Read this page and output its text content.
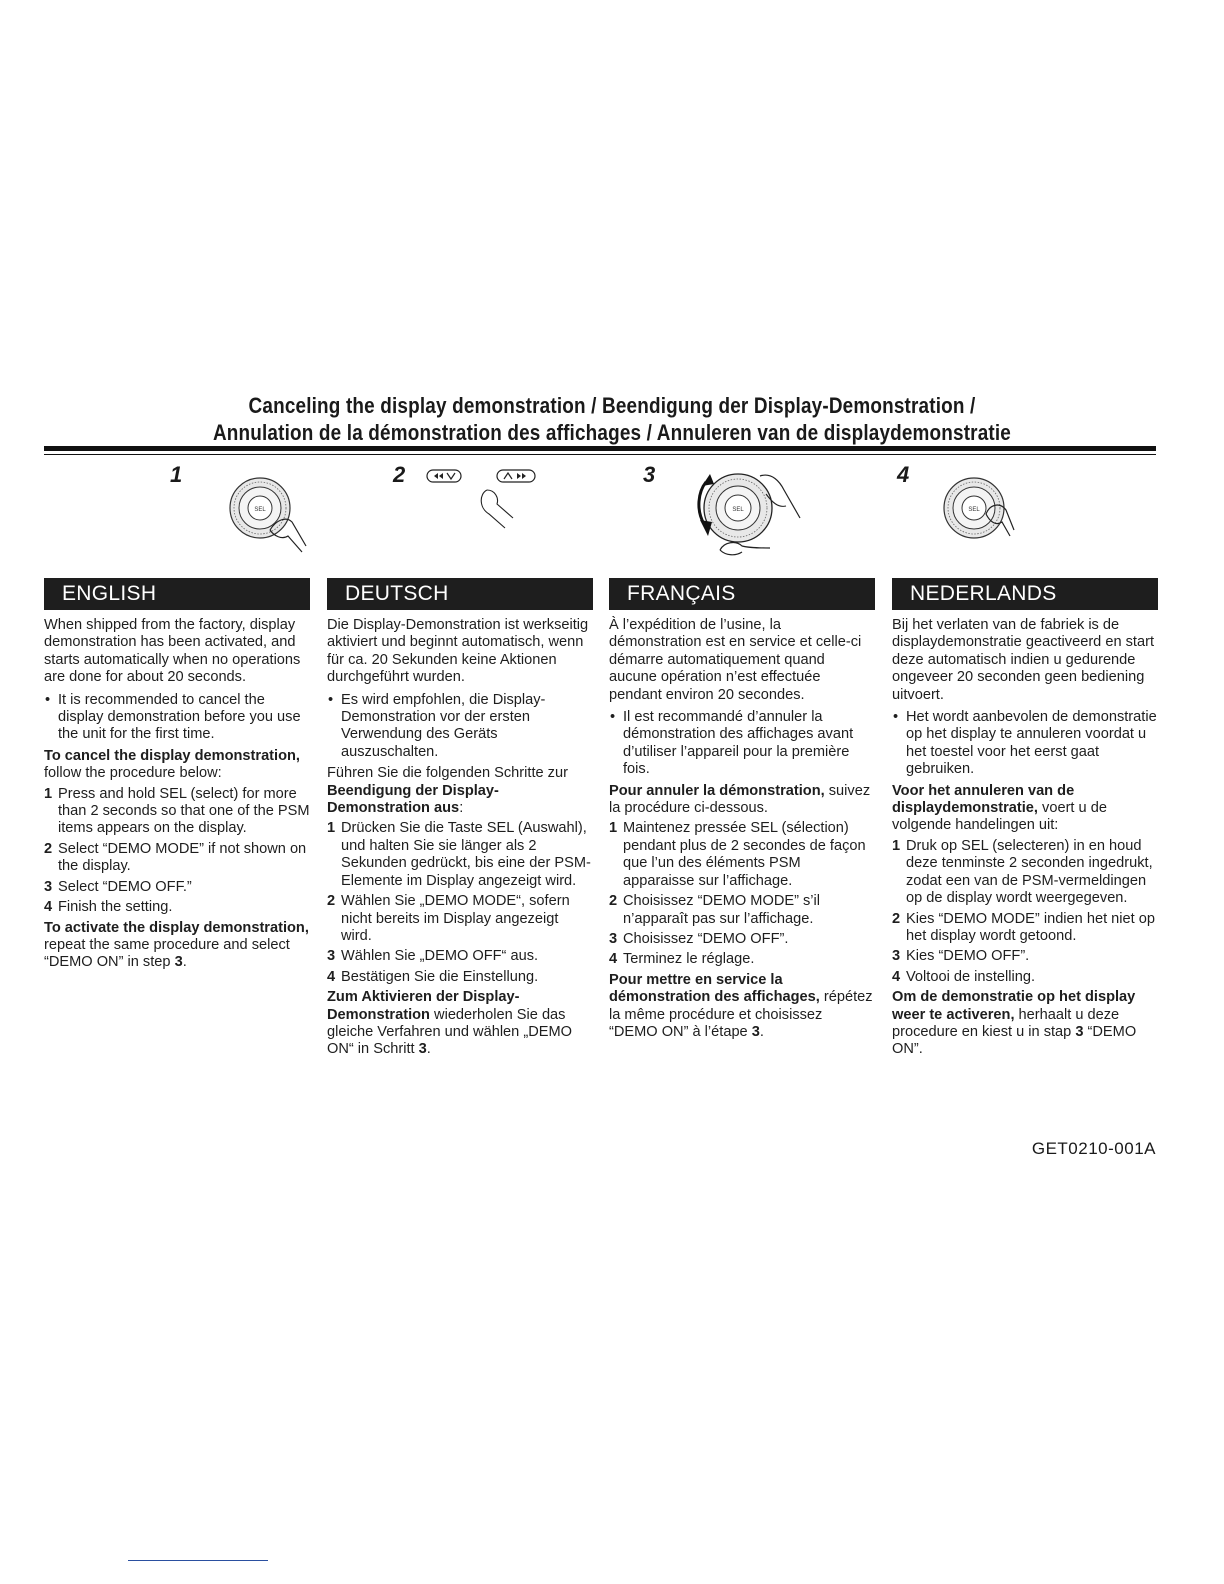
Canceling the display demonstration / Beendigung der Display-Demonstration /
Annulation de la démonstration des affichages / Annuleren van de displaydemonstratie
1	2	3	4
SEL	SEL	SEL
ENGLISH

When shipped from the factory, display demonstration has been activated, and starts automatically when no operations are done for about 20 seconds.

• It is recommended to cancel the display demonstration before you use the unit for the first time.
To cancel the display demonstration, follow the procedure below:
1 Press and hold SEL (select) for more than 2 seconds so that one of the PSM items appears on the display.
2 Select “DEMO MODE” if not shown on the display.
3 Select “DEMO OFF.”
4 Finish the setting.
To activate the display demonstration, repeat the same procedure and select “DEMO ON” in step 3.
DEUTSCH

Die Display-Demonstration ist werkseitig aktiviert und beginnt automatisch, wenn für ca. 20 Sekunden keine Aktionen durchgeführt wurden.

• Es wird empfohlen, die Display-Demonstration vor der ersten Verwendung des Geräts auszuschalten.
Führen Sie die folgenden Schritte zur Beendigung der Display-Demonstration aus:
1 Drücken Sie die Taste SEL (Auswahl), und halten Sie sie länger als 2 Sekunden gedrückt, bis eine der PSM-Elemente im Display angezeigt wird.
2 Wählen Sie „DEMO MODE“, sofern nicht bereits im Display angezeigt wird.
3 Wählen Sie „DEMO OFF“ aus.
4 Bestätigen Sie die Einstellung.
Zum Aktivieren der Display-Demonstration wiederholen Sie das gleiche Verfahren und wählen „DEMO ON“ in Schritt 3.
FRANÇAIS

À l’expédition de l’usine, la démonstration est en service et celle-ci démarre automatiquement quand aucune opération n’est effectuée pendant environ 20 secondes.

• Il est recommandé d’annuler la démonstration des affichages avant d’utiliser l’appareil pour la première fois.
Pour annuler la démonstration, suivez la procédure ci-dessous.
1 Maintenez pressée SEL (sélection) pendant plus de 2 secondes de façon que l’un des éléments PSM apparaisse sur l’affichage.
2 Choisissez “DEMO MODE” s’il n’apparaît pas sur l’affichage.
3 Choisissez “DEMO OFF”.
4 Terminez le réglage.
Pour mettre en service la démonstration des affichages, répétez la même procédure et choisissez “DEMO ON” à l’étape 3.
NEDERLANDS

Bij het verlaten van de fabriek is de displaydemonstratie geactiveerd en start deze automatisch indien u gedurende ongeveer 20 seconden geen bediening uitvoert.

• Het wordt aanbevolen de demonstratie op het display te annuleren voordat u het toestel voor het eerst gaat gebruiken.
Voor het annuleren van de displaydemonstratie, voert u de volgende handelingen uit:
1 Druk op SEL (selecteren) in en houd deze tenminste 2 seconden ingedrukt, zodat een van de PSM-vermeldingen op de display wordt weergegeven.
2 Kies “DEMO MODE” indien het niet op het display wordt getoond.
3 Kies “DEMO OFF”.
4 Voltooi de instelling.
Om de demonstratie op het display weer te activeren, herhaalt u deze procedure en kiest u in stap 3 “DEMO ON”.
GET0210-001A
